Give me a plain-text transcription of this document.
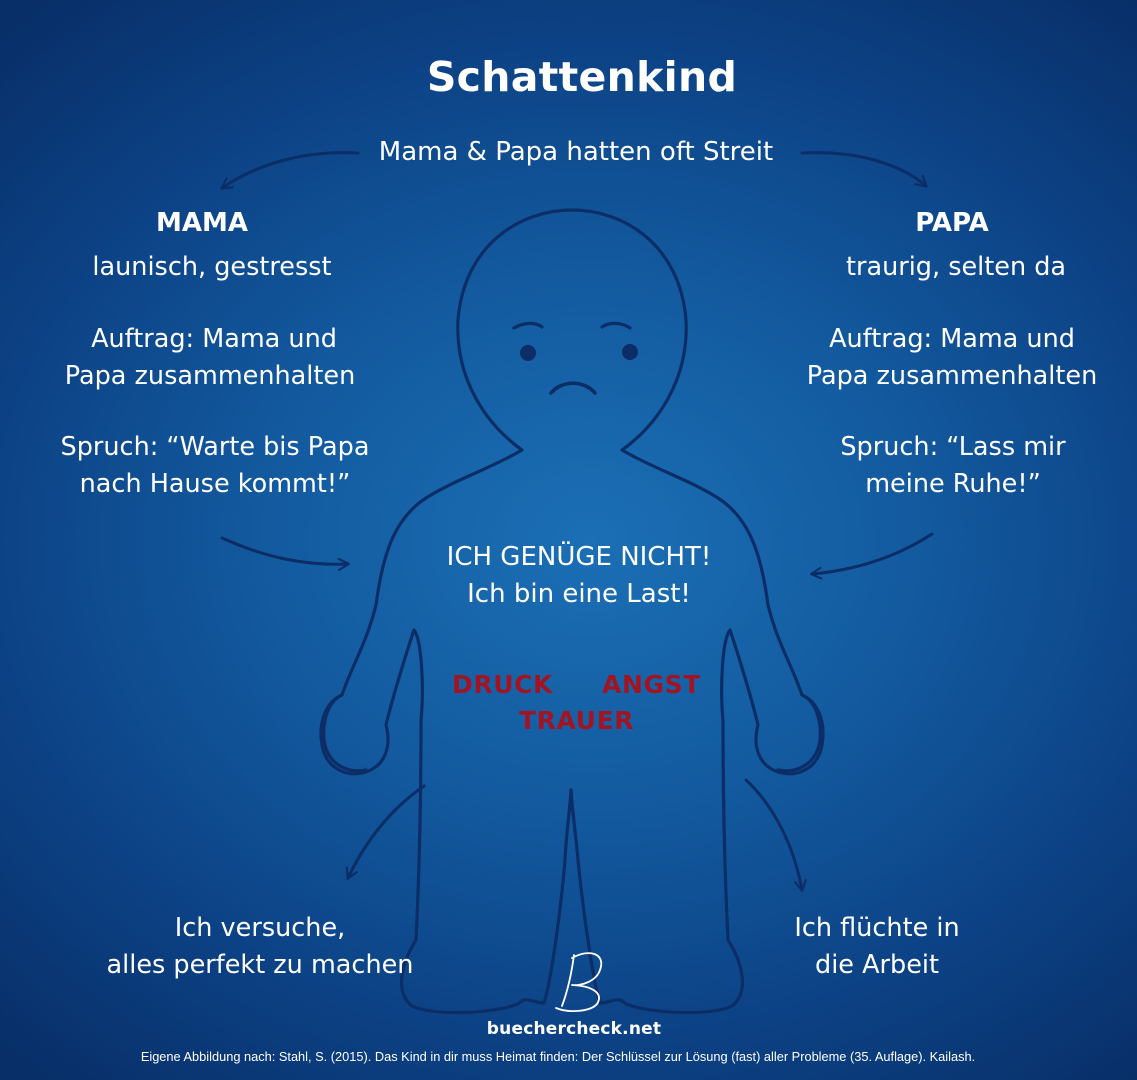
Schattenkind
Mama & Papa hatten oft Streit
MAMA
launisch, gestresst
Auftrag: Mama und
Papa zusammenhalten
Spruch: “Warte bis Papa
nach Hause kommt!”
PAPA
traurig, selten da
Auftrag: Mama und
Papa zusammenhalten
Spruch: “Lass mir
meine Ruhe!”
ICH GENÜGE NICHT!
Ich bin eine Last!
DRUCK ANGST
TRAUER
Ich versuche,
alles perfekt zu machen
Ich flüchte in
die Arbeit
buechercheck.net
Eigene Abbildung nach: Stahl, S. (2015). Das Kind in dir muss Heimat finden: Der Schlüssel zur Lösung (fast) aller Probleme (35. Auflage). Kailash.
